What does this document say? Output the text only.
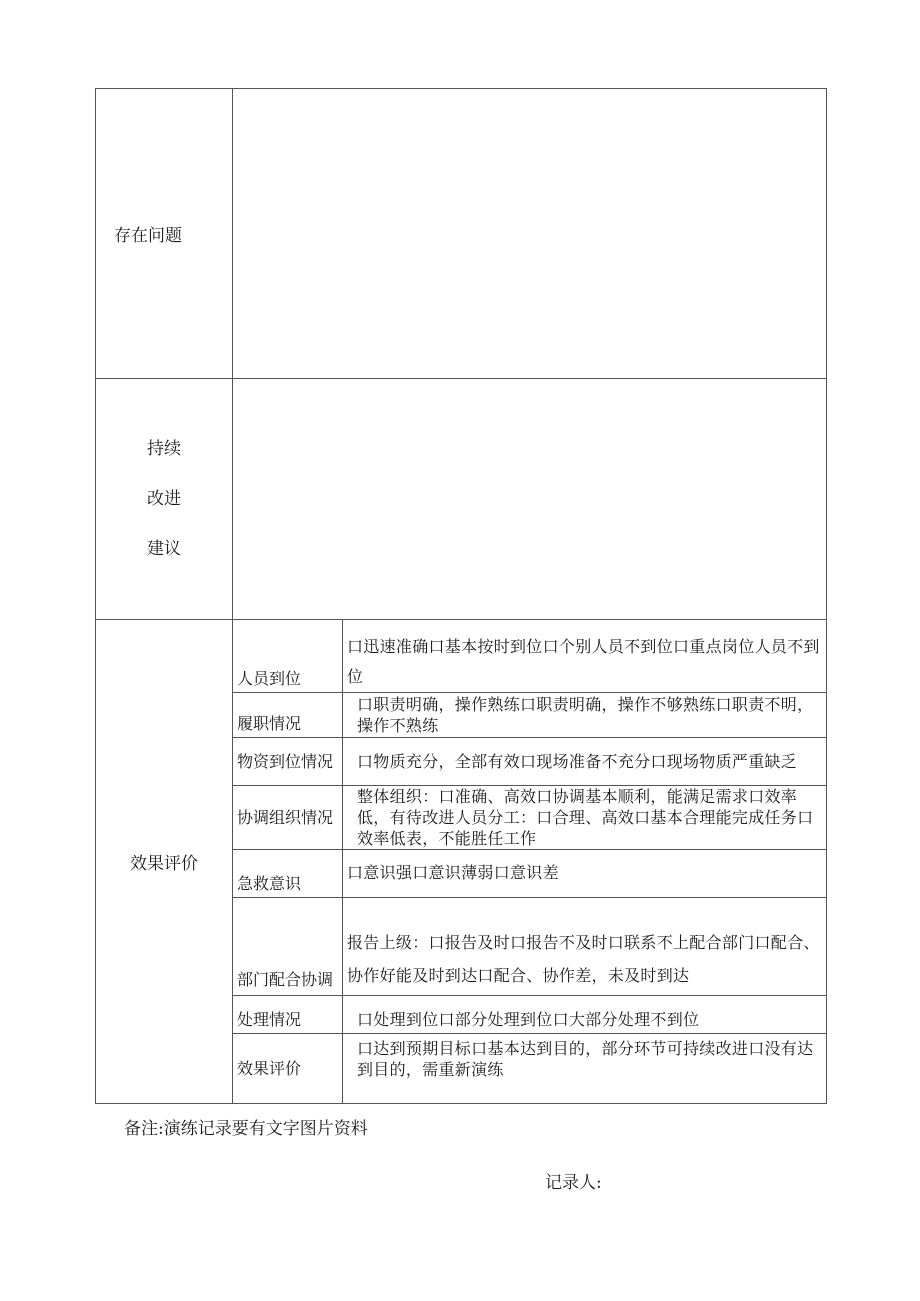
存在问题		

持续
改进
建议		

效果评价	人员到位	口迅速准确口基本按时到位口个别人员不到位口重点岗位人员不到位
	履职情况	口职责明确，操作熟练口职责明确，操作不够熟练口职责不明，操作不熟练
	物资到位情况	口物质充分，全部有效口现场准备不充分口现场物质严重缺乏
	协调组织情况	整体组织：口准确、高效口协调基本顺利，能满足需求口效率低，有待改进人员分工：口合理、高效口基本合理能完成任务口效率低表，不能胜任工作
	急救意识	口意识强口意识薄弱口意识差
	部门配合协调	报告上级：口报告及时口报告不及时口联系不上配合部门口配合、协作好能及时到达口配合、协作差，未及时到达
	处理情况	口处理到位口部分处理到位口大部分处理不到位
	效果评价	口达到预期目标口基本达到目的，部分环节可持续改进口没有达到目的，需重新演练
备注:演练记录要有文字图片资料
记录人:
